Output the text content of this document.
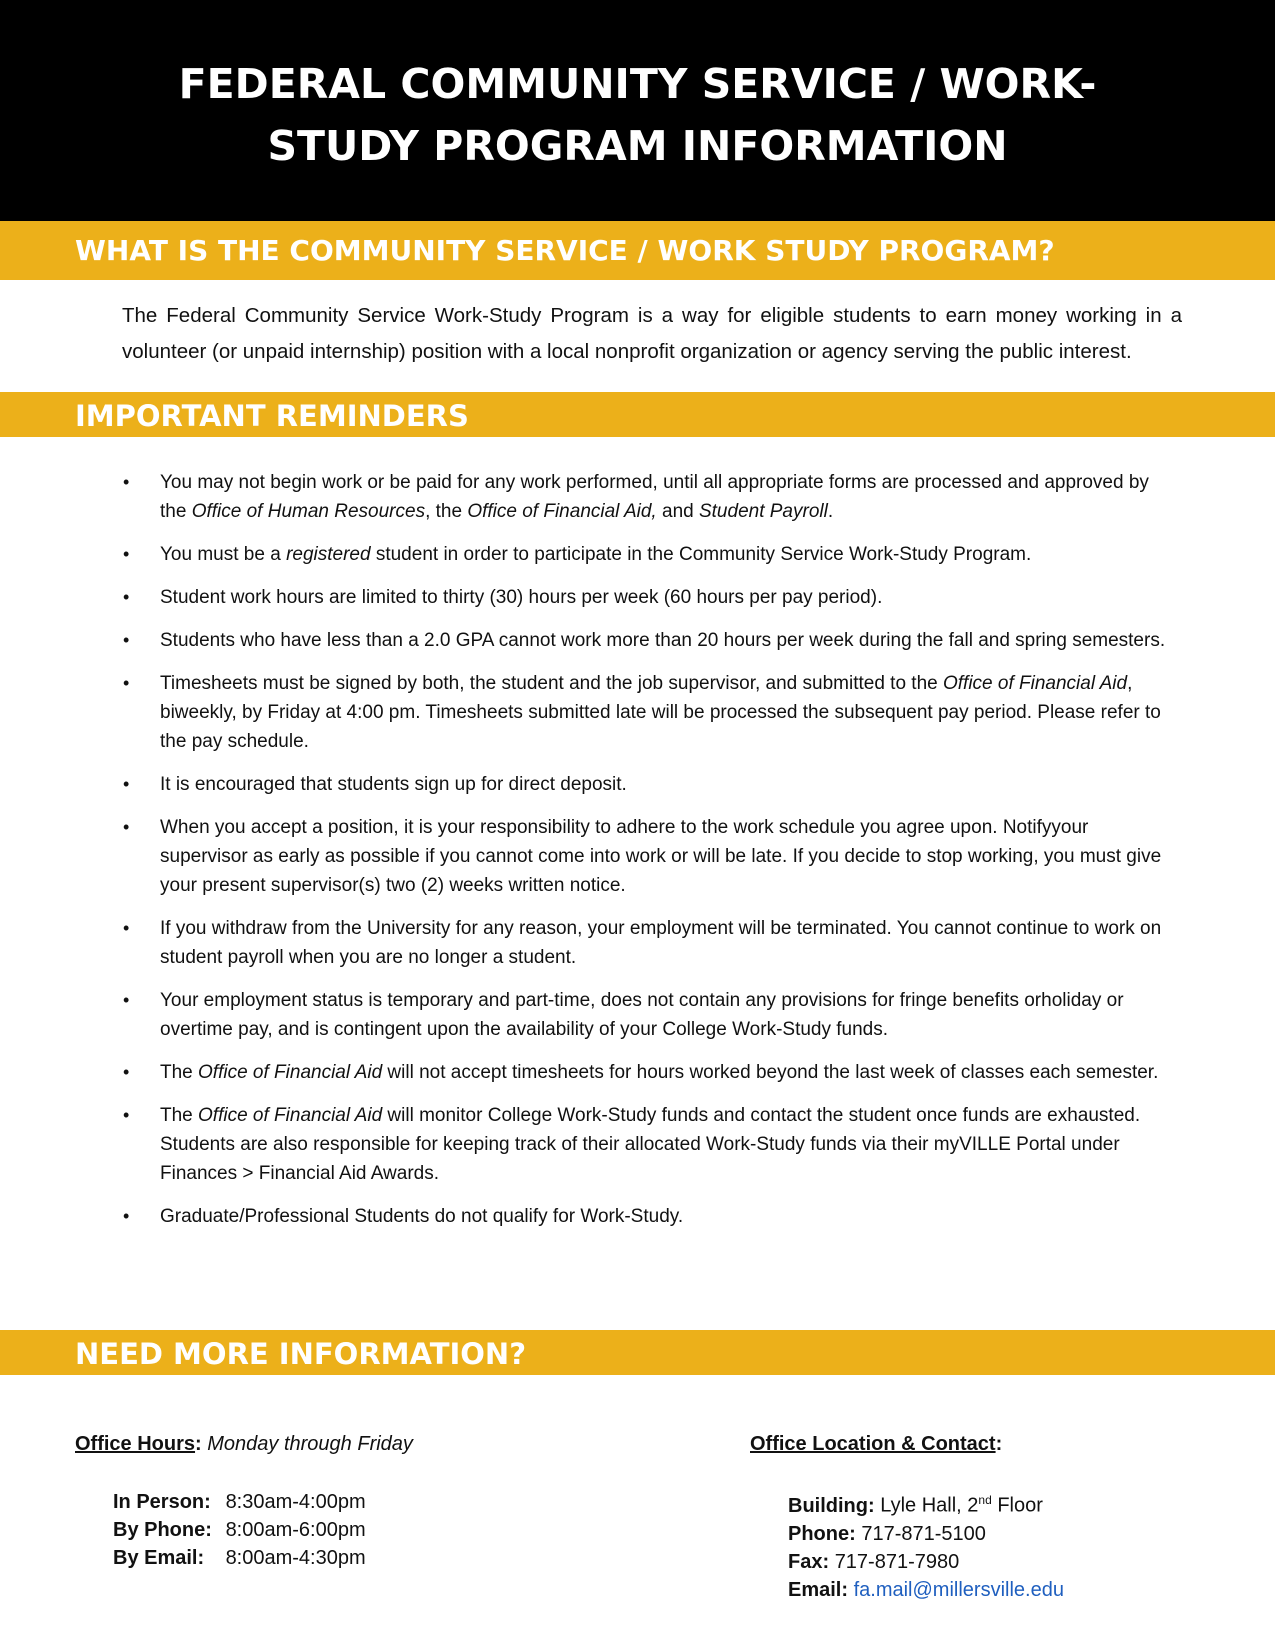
FEDERAL COMMUNITY SERVICE / WORK-STUDY PROGRAM INFORMATION
WHAT IS THE COMMUNITY SERVICE / WORK STUDY PROGRAM?

The Federal Community Service Work-Study Program is a way for eligible students to earn money working in a volunteer (or unpaid internship) position with a local nonprofit organization or agency serving the public interest.

IMPORTANT REMINDERS
• You may not begin work or be paid for any work performed, until all appropriate forms are processed and approved by the Office of Human Resources, the Office of Financial Aid, and Student Payroll.
• You must be a registered student in order to participate in the Community Service Work-Study Program.
• Student work hours are limited to thirty (30) hours per week (60 hours per pay period).
• Students who have less than a 2.0 GPA cannot work more than 20 hours per week during the fall and spring semesters.
• Timesheets must be signed by both, the student and the job supervisor, and submitted to the Office of Financial Aid, biweekly, by Friday at 4:00 pm. Timesheets submitted late will be processed the subsequent pay period. Please refer to the pay schedule.
• It is encouraged that students sign up for direct deposit.
• When you accept a position, it is your responsibility to adhere to the work schedule you agree upon. Notifyyour supervisor as early as possible if you cannot come into work or will be late. If you decide to stop working, you must give your present supervisor(s) two (2) weeks written notice.
• If you withdraw from the University for any reason, your employment will be terminated. You cannot continue to work on student payroll when you are no longer a student.
• Your employment status is temporary and part-time, does not contain any provisions for fringe benefits orholiday or overtime pay, and is contingent upon the availability of your College Work-Study funds.
• The Office of Financial Aid will not accept timesheets for hours worked beyond the last week of classes each semester.
• The Office of Financial Aid will monitor College Work-Study funds and contact the student once funds are exhausted. Students are also responsible for keeping track of their allocated Work-Study funds via their myVILLE Portal under Finances > Financial Aid Awards.
• Graduate/Professional Students do not qualify for Work-Study.
NEED MORE INFORMATION?

Office Hours: Monday through Friday

In Person: 8:30am-4:00pm
By Phone: 8:00am-6:00pm
By Email: 8:00am-4:30pm

Office Location & Contact:

Building: Lyle Hall, 2nd Floor
Phone: 717-871-5100
Fax: 717-871-7980
Email: fa.mail@millersville.edu
